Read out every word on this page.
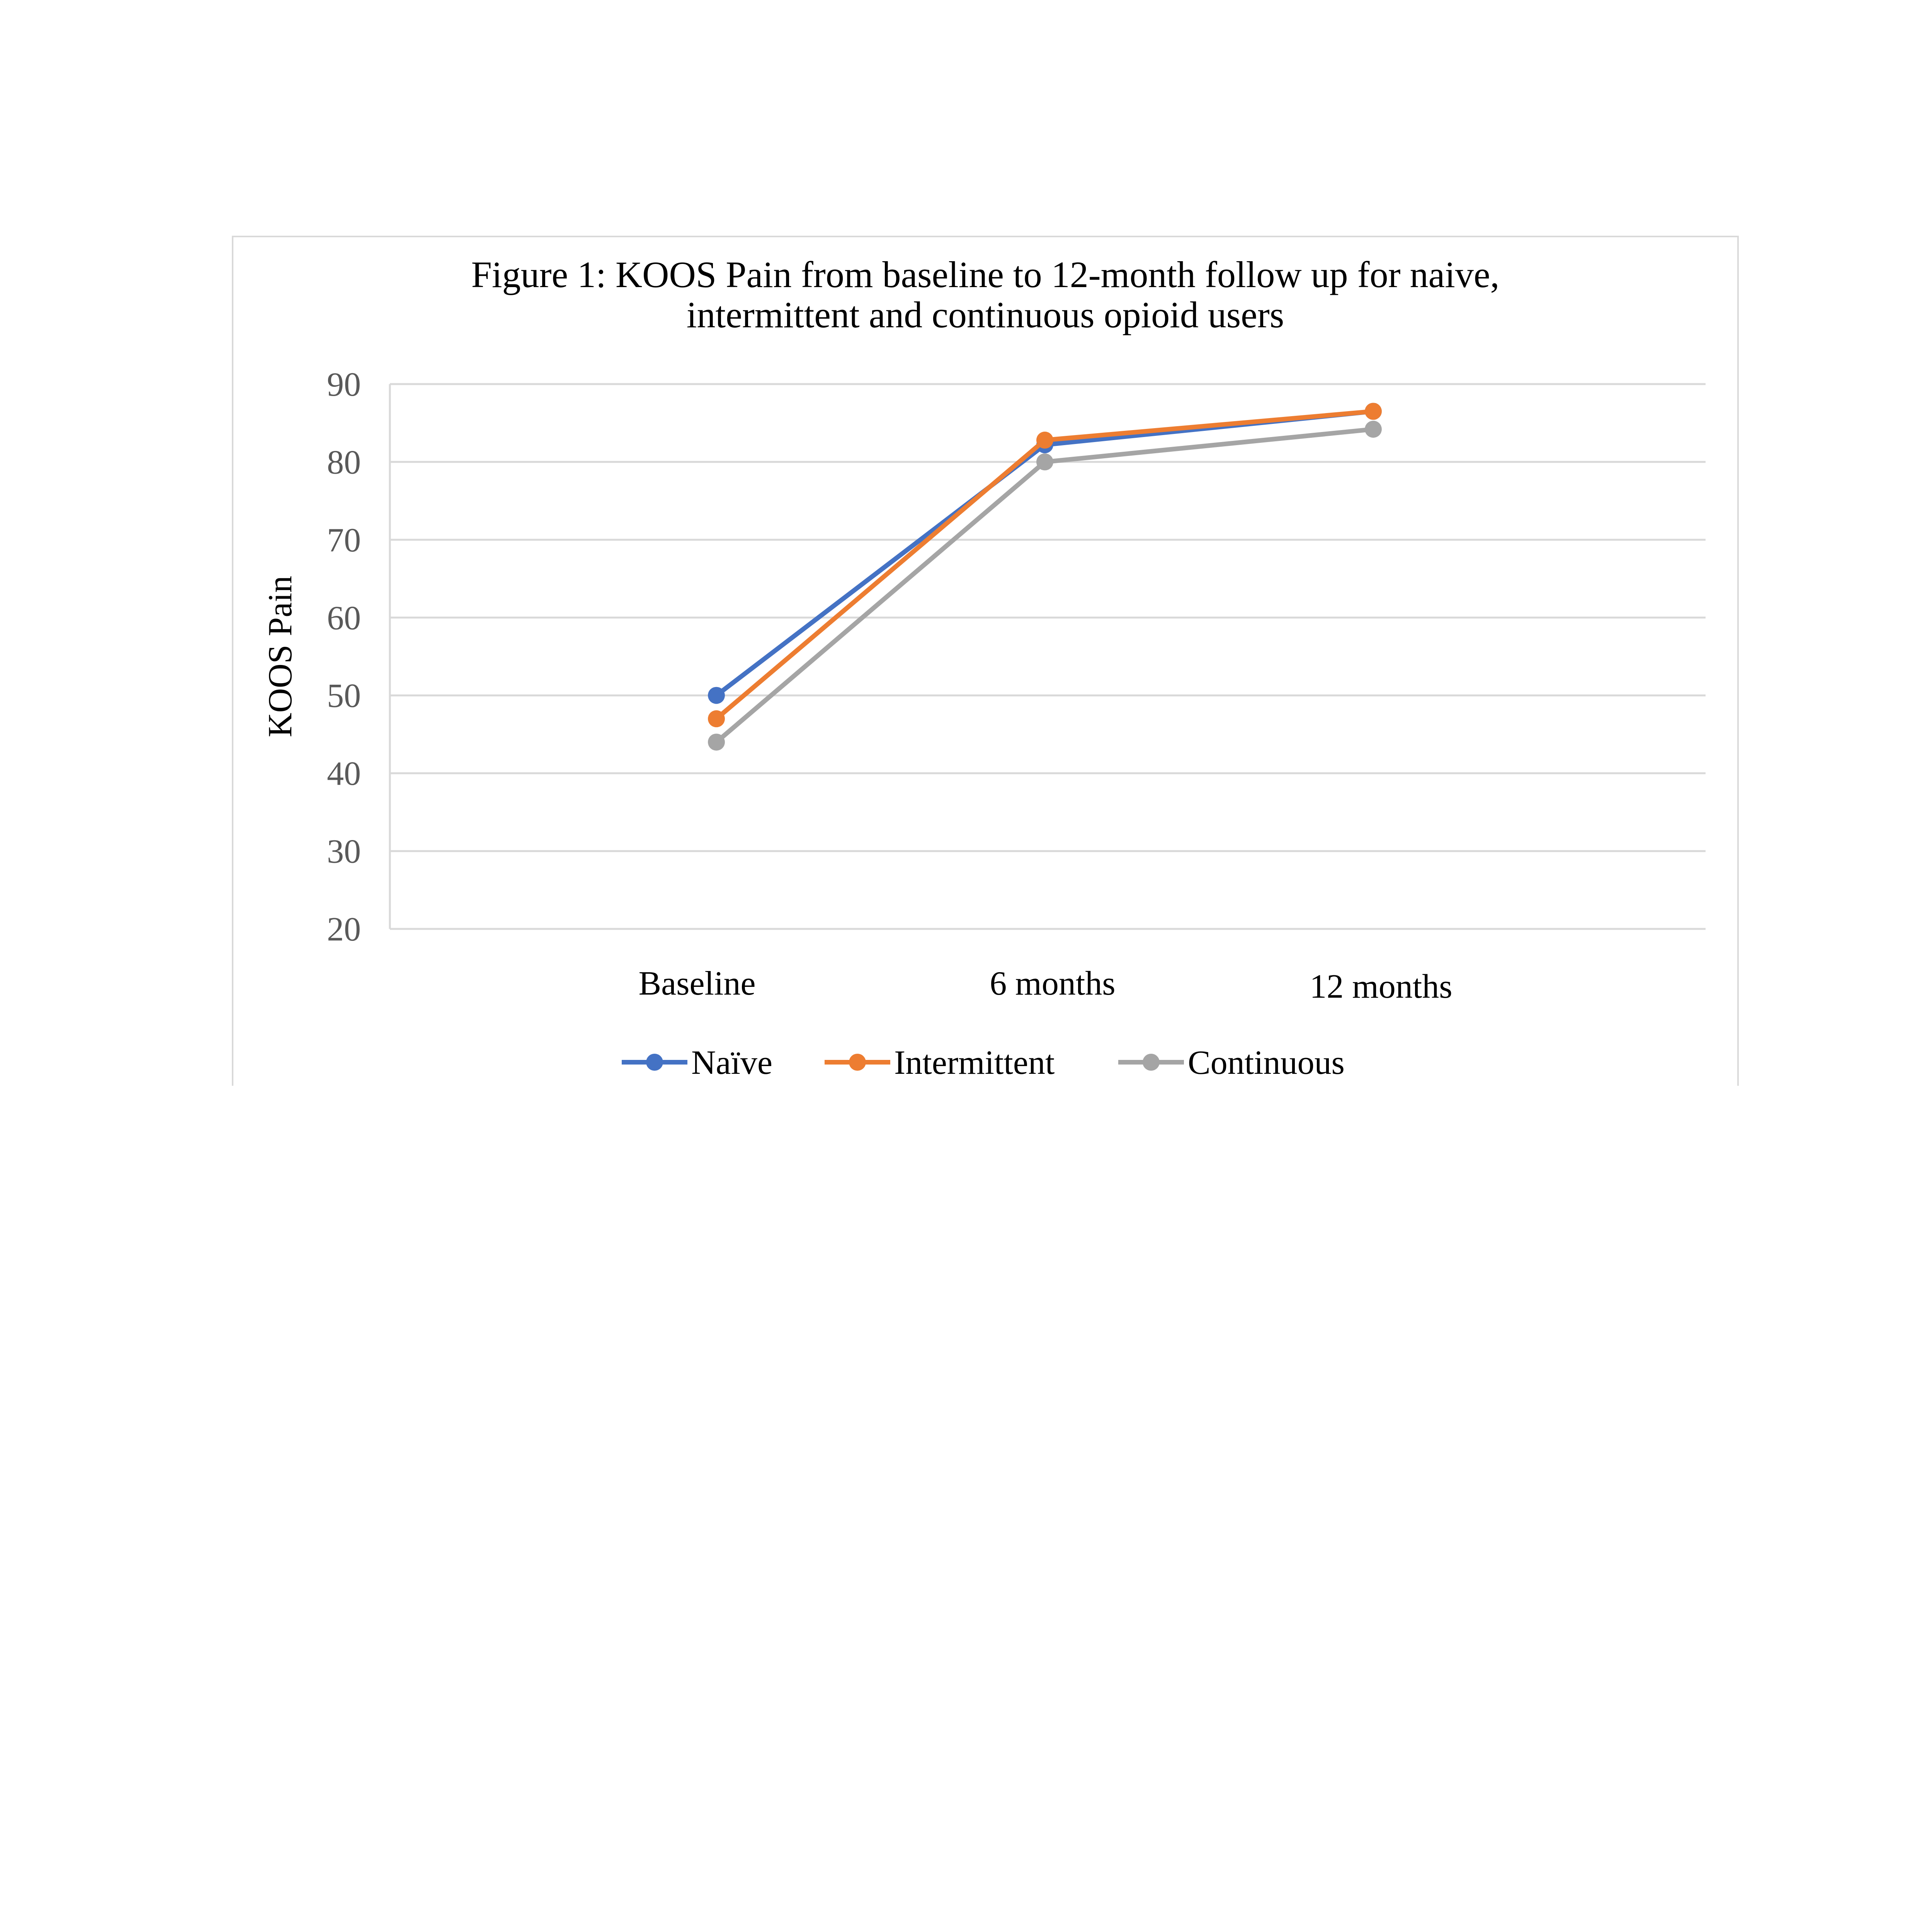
Figure 1: KOOS Pain from baseline to 12-month follow up for naive,
intermittent and continuous opioid users
20
30
40
50
60
70
80
90
Baseline	6 months	12 months
Naïve	Intermittent	Continuous
KOOS Pain
